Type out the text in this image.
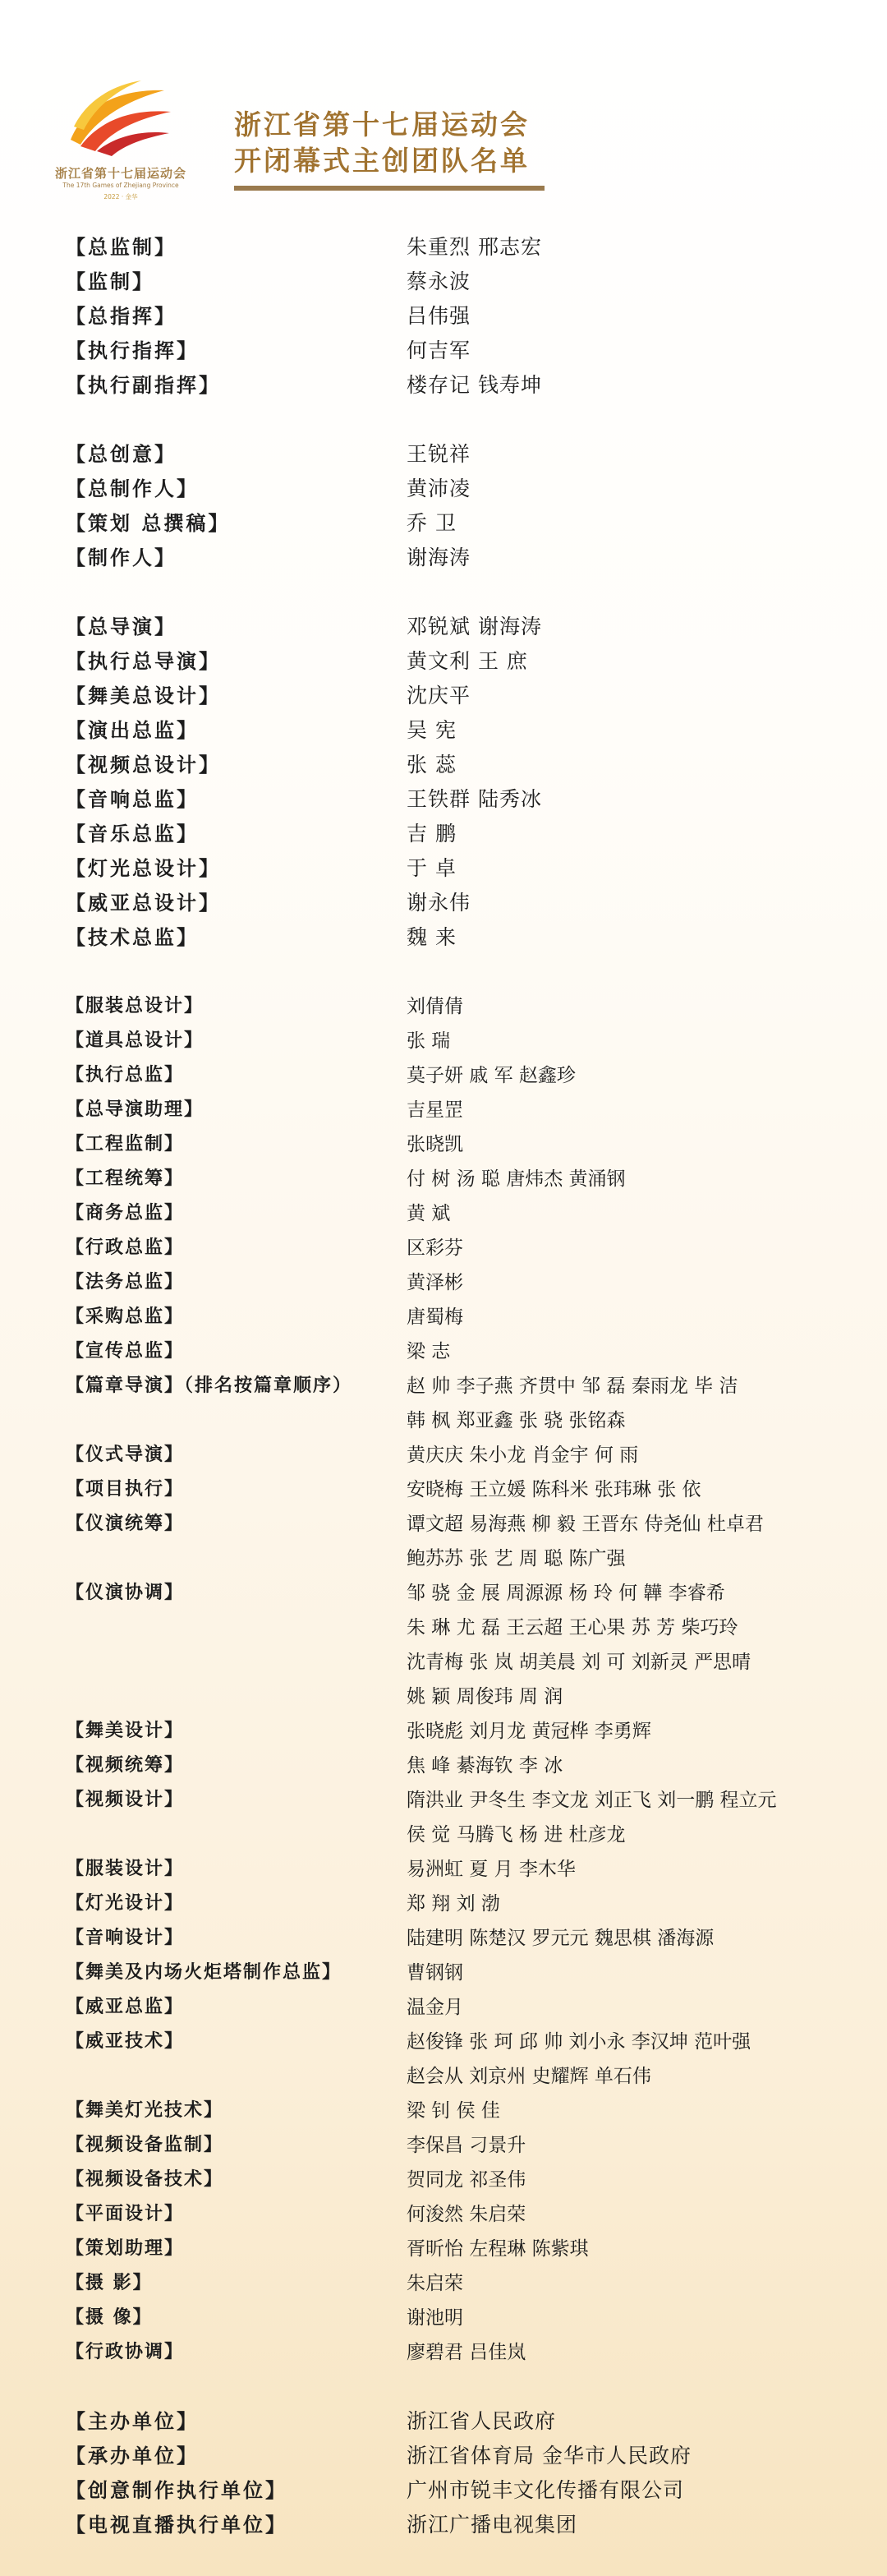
浙江省第十七届运动会
The 17th Games of Zhejiang Province
2022 · 金华
浙江省第十七届运动会
开闭幕式主创团队名单
【总监制】	朱重烈 邢志宏
【监制】	蔡永波
【总指挥】	吕伟强
【执行指挥】	何吉军
【执行副指挥】	楼存记 钱寿坤
【总创意】	王锐祥
【总制作人】	黄沛凌
【策划 总撰稿】	乔 卫
【制作人】	谢海涛
【总导演】	邓锐斌 谢海涛
【执行总导演】	黄文利 王 庶
【舞美总设计】	沈庆平
【演出总监】	吴 宪
【视频总设计】	张 蕊
【音响总监】	王铁群 陆秀冰
【音乐总监】	吉 鹏
【灯光总设计】	于 卓
【威亚总设计】	谢永伟
【技术总监】	魏 来
【服装总设计】	刘倩倩
【道具总设计】	张 瑞
【执行总监】	莫子妍 戚 军 赵鑫珍
【总导演助理】	吉星罡
【工程监制】	张晓凯
【工程统筹】	付 树 汤 聪 唐炜杰 黄涌钢
【商务总监】	黄 斌
【行政总监】	区彩芬
【法务总监】	黄泽彬
【采购总监】	唐蜀梅
【宣传总监】	梁 志
【篇章导演】（排名按篇章顺序）	赵 帅 李子燕 齐贯中 邹 磊 秦雨龙 毕 洁
韩 枫 郑亚鑫 张 骁 张铭森
【仪式导演】	黄庆庆 朱小龙 肖金宇 何 雨
【项目执行】	安晓梅 王立媛 陈科米 张玮琳 张 依
【仪演统筹】	谭文超 易海燕 柳 毅 王晋东 侍尧仙 杜卓君
鲍苏苏 张 艺 周 聪 陈广强
【仪演协调】	邹 骁 金 展 周源源 杨 玲 何 韡 李睿希
朱 琳 尤 磊 王云超 王心果 苏 芳 柴巧玲
沈青梅 张 岚 胡美晨 刘 可 刘新灵 严思晴
姚 颖 周俊玮 周 润
【舞美设计】	张晓彪 刘月龙 黄冠桦 李勇辉
【视频统筹】	焦 峰 綦海钦 李 冰
【视频设计】	隋洪业 尹冬生 李文龙 刘正飞 刘一鹏 程立元
侯 觉 马腾飞 杨 进 杜彦龙
【服装设计】	易洲虹 夏 月 李木华
【灯光设计】	郑 翔 刘 渤
【音响设计】	陆建明 陈楚汉 罗元元 魏思棋 潘海源
【舞美及内场火炬塔制作总监】	曹钢钢
【威亚总监】	温金月
【威亚技术】	赵俊锋 张 珂 邱 帅 刘小永 李汉坤 范叶强
赵会从 刘京州 史耀辉 单石伟
【舞美灯光技术】	梁 钊 侯 佳
【视频设备监制】	李保昌 刁景升
【视频设备技术】	贺同龙 祁圣伟
【平面设计】	何浚然 朱启荣
【策划助理】	胥昕怡 左程琳 陈紫琪
【摄 影】	朱启荣
【摄 像】	谢池明
【行政协调】	廖碧君 吕佳岚
【主办单位】	浙江省人民政府
【承办单位】	浙江省体育局 金华市人民政府
【创意制作执行单位】	广州市锐丰文化传播有限公司
【电视直播执行单位】	浙江广播电视集团
